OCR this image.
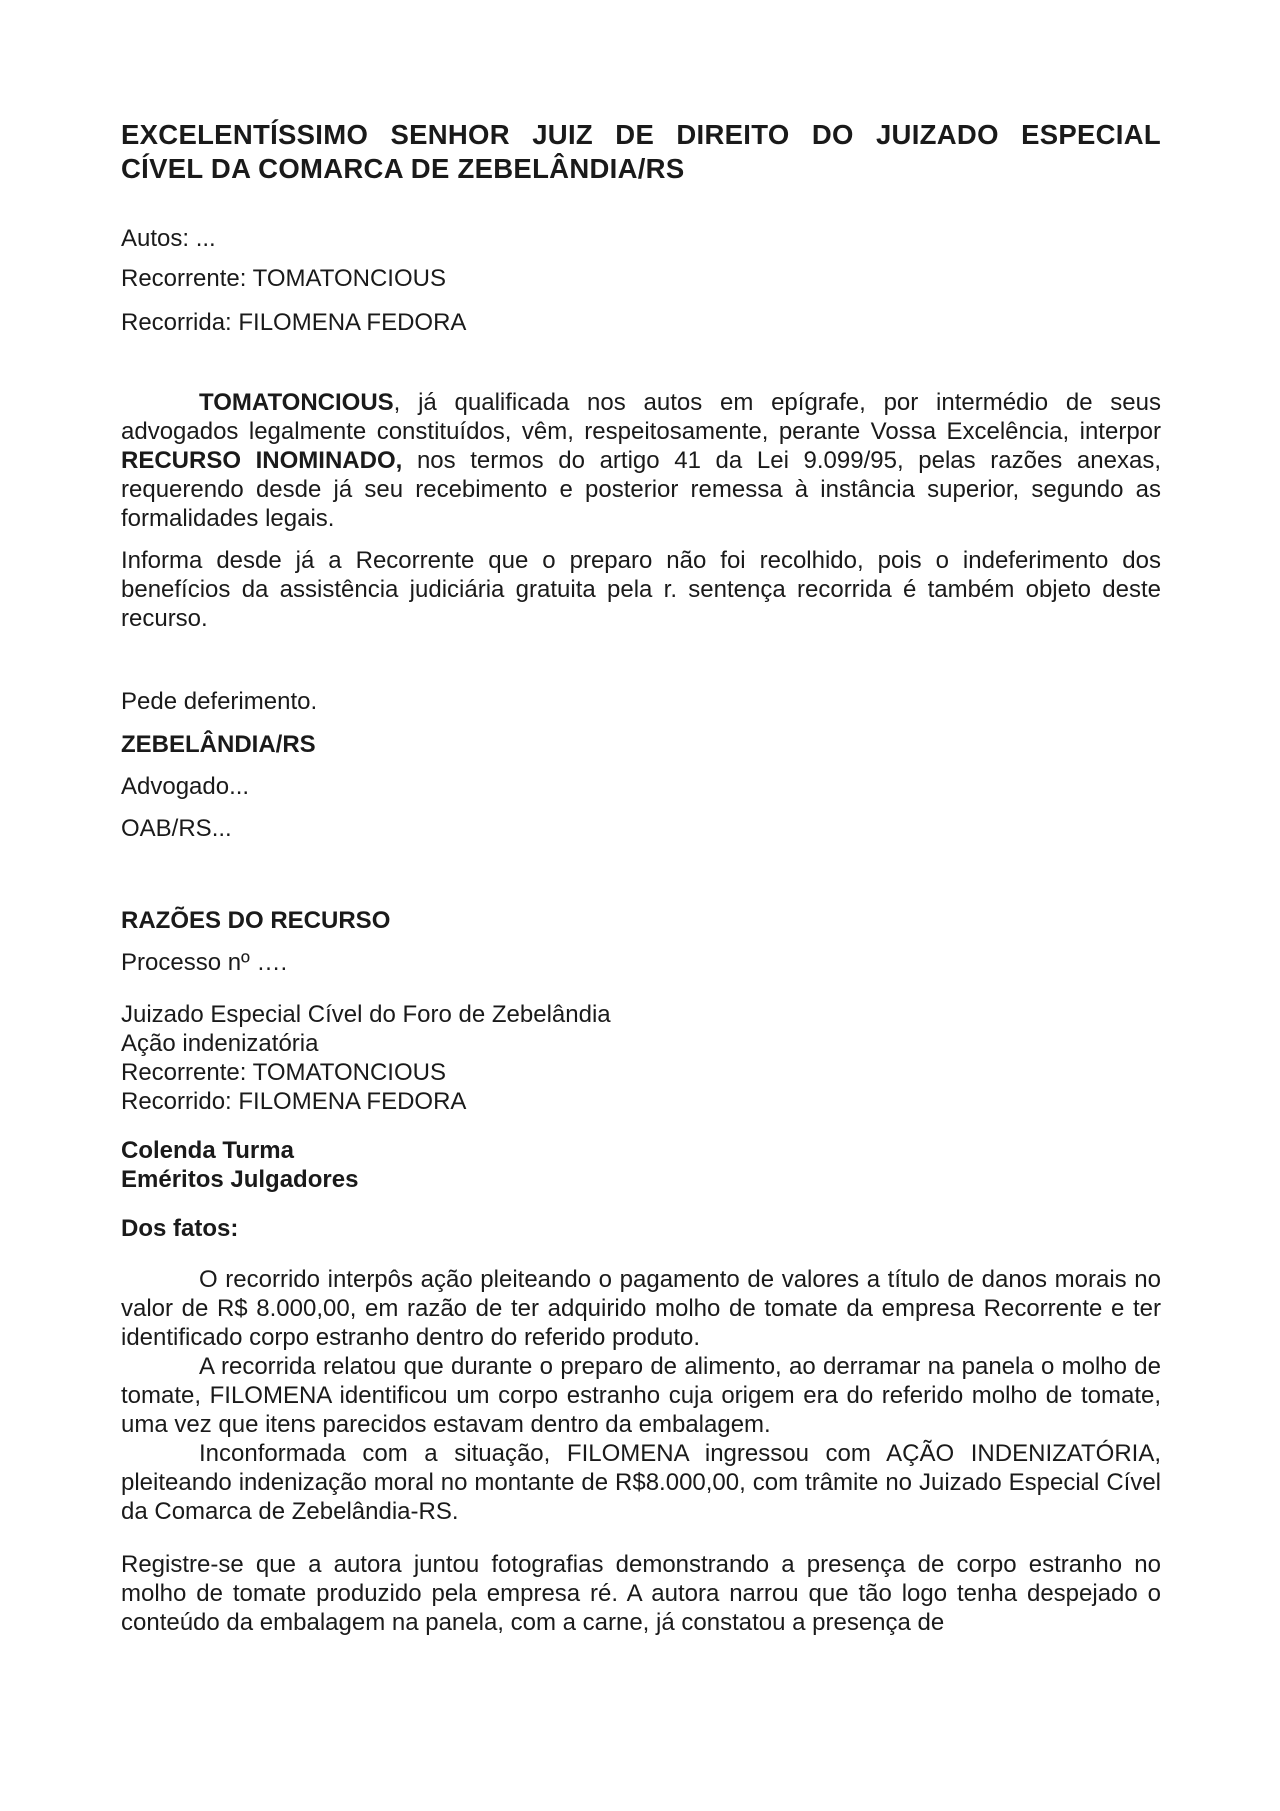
EXCELENTÍSSIMO SENHOR JUIZ DE DIREITO DO JUIZADO ESPECIAL
CÍVEL DA COMARCA DE ZEBELÂNDIA/RS

Autos: ...

Recorrente: TOMATONCIOUS

Recorrida: FILOMENA FEDORA

TOMATONCIOUS, já qualificada nos autos em epígrafe, por intermédio de seus advogados legalmente constituídos, vêm, respeitosamente, perante Vossa Excelência, interpor RECURSO INOMINADO, nos termos do artigo 41 da Lei 9.099/95, pelas razões anexas, requerendo desde já seu recebimento e posterior remessa à instância superior, segundo as formalidades legais.

Informa desde já a Recorrente que o preparo não foi recolhido, pois o indeferimento dos benefícios da assistência judiciária gratuita pela r. sentença recorrida é também objeto deste recurso.

Pede deferimento.

ZEBELÂNDIA/RS

Advogado...

OAB/RS...

RAZÕES DO RECURSO

Processo nº ….

Juizado Especial Cível do Foro de Zebelândia
Ação indenizatória
Recorrente: TOMATONCIOUS
Recorrido: FILOMENA FEDORA
Colenda Turma
Eméritos Julgadores
Dos fatos:

O recorrido interpôs ação pleiteando o pagamento de valores a título de danos morais no valor de R$ 8.000,00, em razão de ter adquirido molho de tomate da empresa Recorrente e ter identificado corpo estranho dentro do referido produto.

A recorrida relatou que durante o preparo de alimento, ao derramar na panela o molho de tomate, FILOMENA identificou um corpo estranho cuja origem era do referido molho de tomate, uma vez que itens parecidos estavam dentro da embalagem.

Inconformada com a situação, FILOMENA ingressou com AÇÃO INDENIZATÓRIA, pleiteando indenização moral no montante de R$8.000,00, com trâmite no Juizado Especial Cível da Comarca de Zebelândia-RS.

Registre-se que a autora juntou fotografias demonstrando a presença de corpo estranho no molho de tomate produzido pela empresa ré. A autora narrou que tão logo tenha despejado o conteúdo da embalagem na panela, com a carne, já constatou a presença de
